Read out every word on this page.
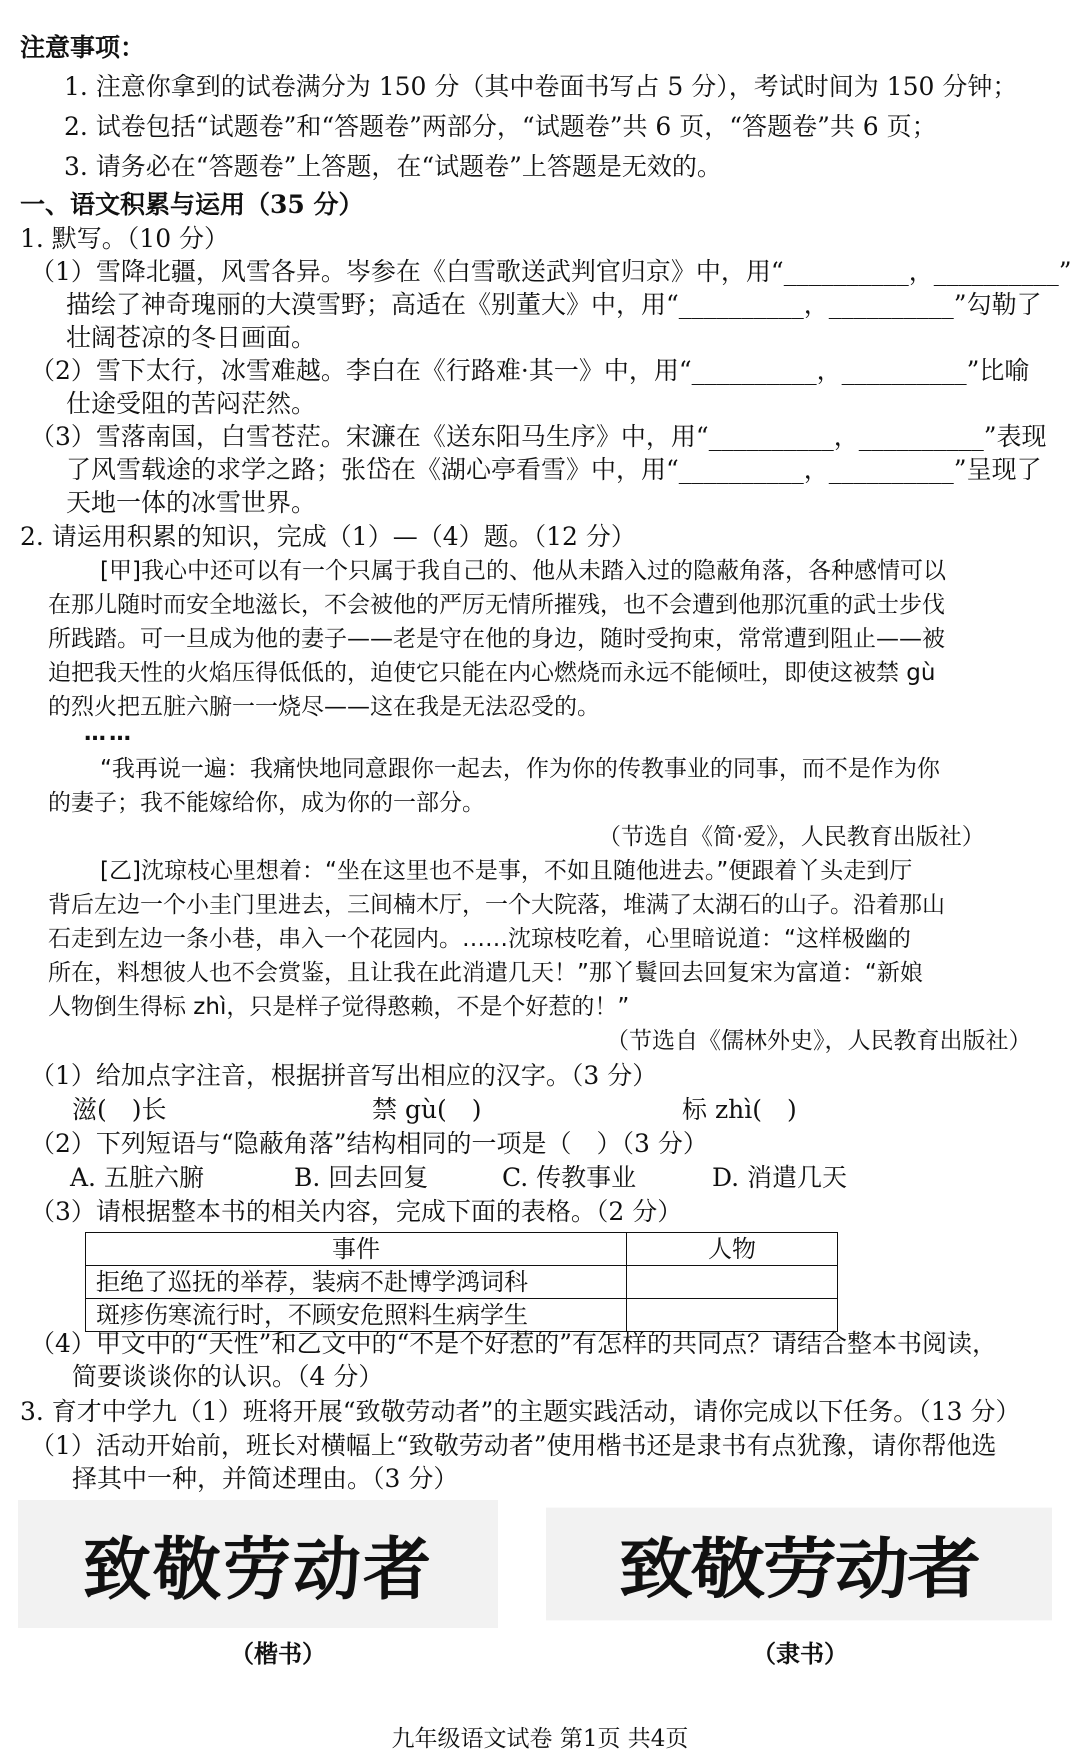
注意事项：
1. 注意你拿到的试卷满分为 150 分（其中卷面书写占 5 分），考试时间为 150 分钟；
2. 试卷包括“试题卷”和“答题卷”两部分，“试题卷”共 6 页，“答题卷”共 6 页；
3. 请务必在“答题卷”上答题，在“试题卷”上答题是无效的。
一、语文积累与运用（35 分）
1. 默写。（10 分）
（1）雪降北疆，风雪各异。岑参在《白雪歌送武判官归京》中，用“__________，__________”
描绘了神奇瑰丽的大漠雪野；高适在《别董大》中，用“__________，__________”勾勒了
壮阔苍凉的冬日画面。
（2）雪下太行，冰雪难越。李白在《行路难·其一》中，用“__________，__________”比喻
仕途受阻的苦闷茫然。
（3）雪落南国，白雪苍茫。宋濂在《送东阳马生序》中，用“__________，__________”表现
了风雪载途的求学之路；张岱在《湖心亭看雪》中，用“__________，__________”呈现了
天地一体的冰雪世界。
2. 请运用积累的知识，完成（1）—（4）题。（12 分）
[甲]我心中还可以有一个只属于我自己的、他从未踏入过的隐蔽角落，各种感情可以
在那儿随时而安全地滋长，不会被他的严厉无情所摧残，也不会遭到他那沉重的武士步伐
所践踏。可一旦成为他的妻子——老是守在他的身边，随时受拘束，常常遭到阻止——被
迫把我天性的火焰压得低低的，迫使它只能在内心燃烧而永远不能倾吐，即使这被禁 gù
的烈火把五脏六腑一一烧尽——这在我是无法忍受的。
……
“我再说一遍：我痛快地同意跟你一起去，作为你的传教事业的同事，而不是作为你
的妻子；我不能嫁给你，成为你的一部分。
（节选自《简·爱》，人民教育出版社）
[乙]沈琼枝心里想着：“坐在这里也不是事，不如且随他进去。”便跟着丫头走到厅
背后左边一个小圭门里进去，三间楠木厅，一个大院落，堆满了太湖石的山子。沿着那山
石走到左边一条小巷，串入一个花园内。……沈琼枝吃着，心里暗说道：“这样极幽的
所在，料想彼人也不会赏鉴，且让我在此消遣几天！”那丫鬟回去回复宋为富道：“新娘
人物倒生得标 zhì，只是样子觉得憨赖，不是个好惹的！”
（节选自《儒林外史》，人民教育出版社）
（1）给加点字注音，根据拼音写出相应的汉字。（3 分）
滋(　)长	禁 gù(　)	标 zhì(　)
（2）下列短语与“隐蔽角落”结构相同的一项是（　）（3 分）
A. 五脏六腑	B. 回去回复	C. 传教事业	D. 消遣几天
（3）请根据整本书的相关内容，完成下面的表格。（2 分）
事件	人物
拒绝了巡抚的举荐，装病不赴博学鸿词科	
斑疹伤寒流行时，不顾安危照料生病学生	
（4）甲文中的“天性”和乙文中的“不是个好惹的”有怎样的共同点？请结合整本书阅读，
简要谈谈你的认识。（4 分）
3. 育才中学九（1）班将开展“致敬劳动者”的主题实践活动，请你完成以下任务。（13 分）
（1）活动开始前，班长对横幅上“致敬劳动者”使用楷书还是隶书有点犹豫，请你帮他选
择其中一种，并简述理由。（3 分）
致敬劳动者	致敬劳动者
（楷书）	（隶书）
九年级语文试卷 第1页 共4页
